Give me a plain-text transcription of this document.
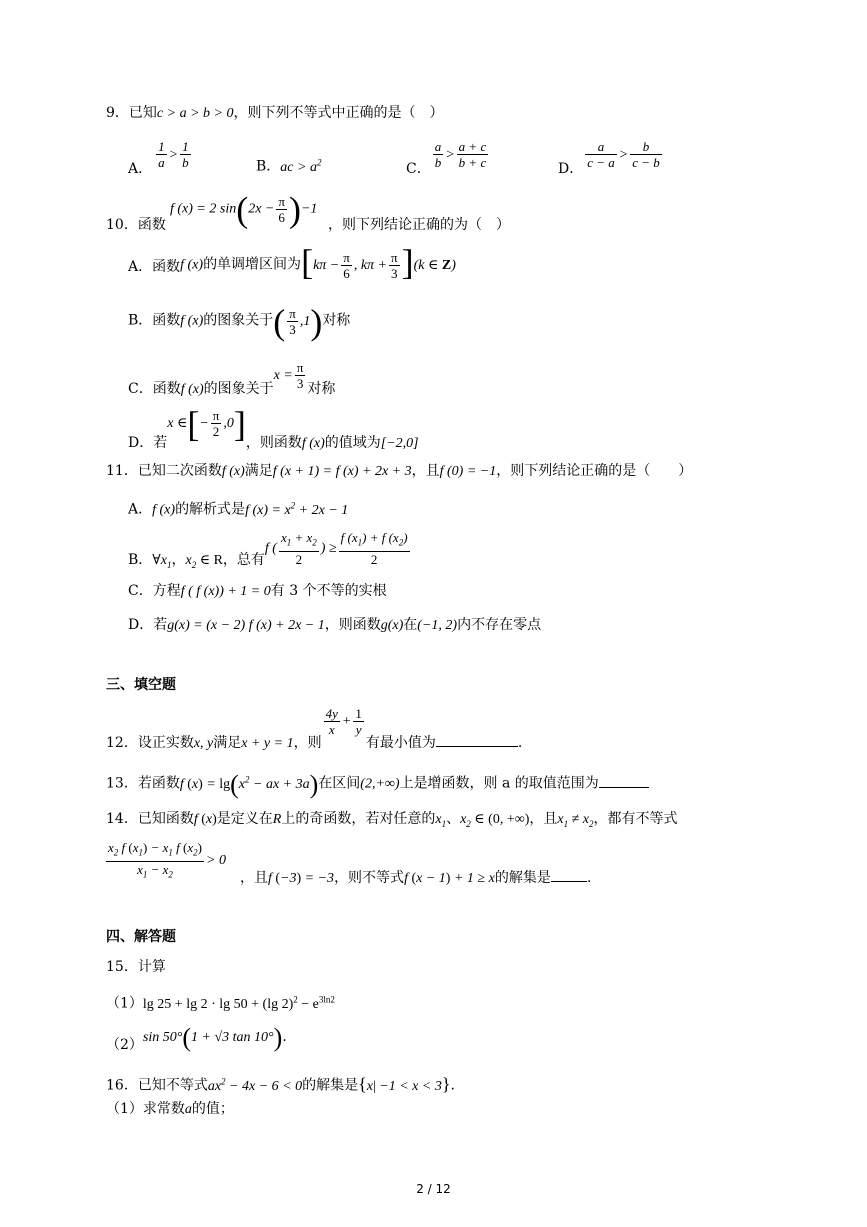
9．已知c > a > b > 0，则下列不等式中正确的是（　）
A． $\frac{1}{a} > \frac{1}{b}$	B．ac > $a^2$	C． $\frac{a}{b} > \frac{a + c}{b + c}$	D． $\frac{a}{c - a} > \frac{b}{c - b}$
10．函数
f (x) = 2 $\sin(2x - \frac{\pi}{6} )-1$
，则下列结论正确的为（　）
A．函数f (x)的单调增区间为[$k\pi - \frac{\pi}{6}$ , $k\pi + \frac{\pi}{3} ](k$ ∈ Z)
B．函数f (x)的图象关于( $\frac{\pi}{3} ,1$)对称
C．函数f (x)的图象关于$x = \frac{\pi}{3}$ 对称
D．若x ∈[− $\frac{\pi}{2} ,0$]，则函数f (x)的值域为[−2,0]
11．已知二次函数f (x)满足f (x + 1) = f (x) + 2x + 3，且f (0) = −1，则下列结论正确的是（　　）
A．f (x)的解析式是f $(x) = x^2 + 2x - 1$
B．$\forall x_1$，$x_2$ ∈ R，总有f ( $\frac{x_1 + x_2}{2}$ ) ≥ $\frac{f (x_1) + f (x_2)}{2}$
C．方程f ( f (x)) + 1 = 0有 3 个不等的实根
D．若g(x) = (x − 2) f (x) + 2x − 1，则函数g(x)在(−1, 2)内不存在零点
三、填空题
12．设正实数x, y满足x + y = 1，则
$\frac{4y}{x} + \frac{1}{y}$
有最小值为	.
13．若函数f $(x) = \lg(x^2$ − ax + 3a)在区间(2,+∞)上是增函数，则 a 的取值范围为
14．已知函数f (x)是定义在R上的奇函数，若对任意的$x_1$、$x_2$ ∈ (0, +∞)，且$x_1 \ne x_2$，都有不等式
$\frac{x_2 f (x_1) - x_1 f (x_2)}{x_1 - x_2} > 0$，且f (−3) = −3，则不等式f (x − 1) + 1 ≥ x的解集是	.
四、解答题
15．计算
（1）lg 25 + lg 2 · lg 50 + (lg $2)^2 - e^{3ln2}$
（2）sin 50°(1 + √3 tan 10°).
16．已知不等式$ax^2 - 4x - 6 < 0$的解集是{x| −1 < x < 3}.
（1）求常数a的值；
2 / 12
